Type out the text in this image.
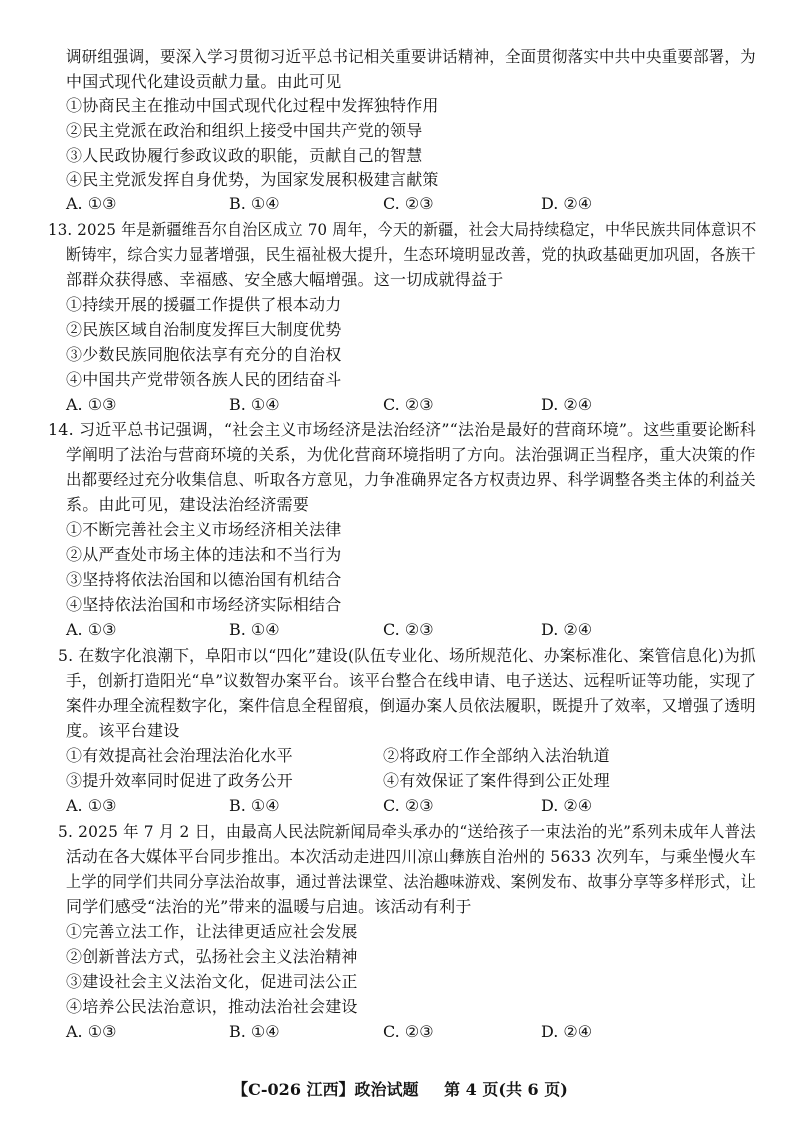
调研组强调，要深入学习贯彻习近平总书记相关重要讲话精神，全面贯彻落实中共中央重要部署，为
中国式现代化建设贡献力量。由此可见
①协商民主在推动中国式现代化过程中发挥独特作用
②民主党派在政治和组织上接受中国共产党的领导
③人民政协履行参政议政的职能，贡献自己的智慧
④民主党派发挥自身优势，为国家发展积极建言献策
A. ①③	B. ①④	C. ②③	D. ②④
13. 2025 年是新疆维吾尔自治区成立 70 周年，今天的新疆，社会大局持续稳定，中华民族共同体意识不
断铸牢，综合实力显著增强，民生福祉极大提升，生态环境明显改善，党的执政基础更加巩固，各族干
部群众获得感、幸福感、安全感大幅增强。这一切成就得益于
①持续开展的援疆工作提供了根本动力
②民族区域自治制度发挥巨大制度优势
③少数民族同胞依法享有充分的自治权
④中国共产党带领各族人民的团结奋斗
A. ①③	B. ①④	C. ②③	D. ②④
14. 习近平总书记强调，“社会主义市场经济是法治经济”“法治是最好的营商环境”。这些重要论断科
学阐明了法治与营商环境的关系，为优化营商环境指明了方向。法治强调正当程序，重大决策的作
出都要经过充分收集信息、听取各方意见，力争准确界定各方权责边界、科学调整各类主体的利益关
系。由此可见，建设法治经济需要
①不断完善社会主义市场经济相关法律
②从严查处市场主体的违法和不当行为
③坚持将依法治国和以德治国有机结合
④坚持依法治国和市场经济实际相结合
A. ①③	B. ①④	C. ②③	D. ②④
5. 在数字化浪潮下，阜阳市以“四化”建设(队伍专业化、场所规范化、办案标准化、案管信息化)为抓
手，创新打造阳光“阜”议数智办案平台。该平台整合在线申请、电子送达、远程听证等功能，实现了
案件办理全流程数字化，案件信息全程留痕，倒逼办案人员依法履职，既提升了效率，又增强了透明
度。该平台建设
①有效提高社会治理法治化水平	②将政府工作全部纳入法治轨道
③提升效率同时促进了政务公开	④有效保证了案件得到公正处理
A. ①③	B. ①④	C. ②③	D. ②④
5. 2025 年 7 月 2 日，由最高人民法院新闻局牵头承办的“送给孩子一束法治的光”系列未成年人普法
活动在各大媒体平台同步推出。本次活动走进四川凉山彝族自治州的 5633 次列车，与乘坐慢火车
上学的同学们共同分享法治故事，通过普法课堂、法治趣味游戏、案例发布、故事分享等多样形式，让
同学们感受“法治的光”带来的温暖与启迪。该活动有利于
①完善立法工作，让法律更适应社会发展
②创新普法方式，弘扬社会主义法治精神
③建设社会主义法治文化，促进司法公正
④培养公民法治意识，推动法治社会建设
A. ①③	B. ①④	C. ②③	D. ②④
【C-026 江西】政治试题 第 4 页(共 6 页)
